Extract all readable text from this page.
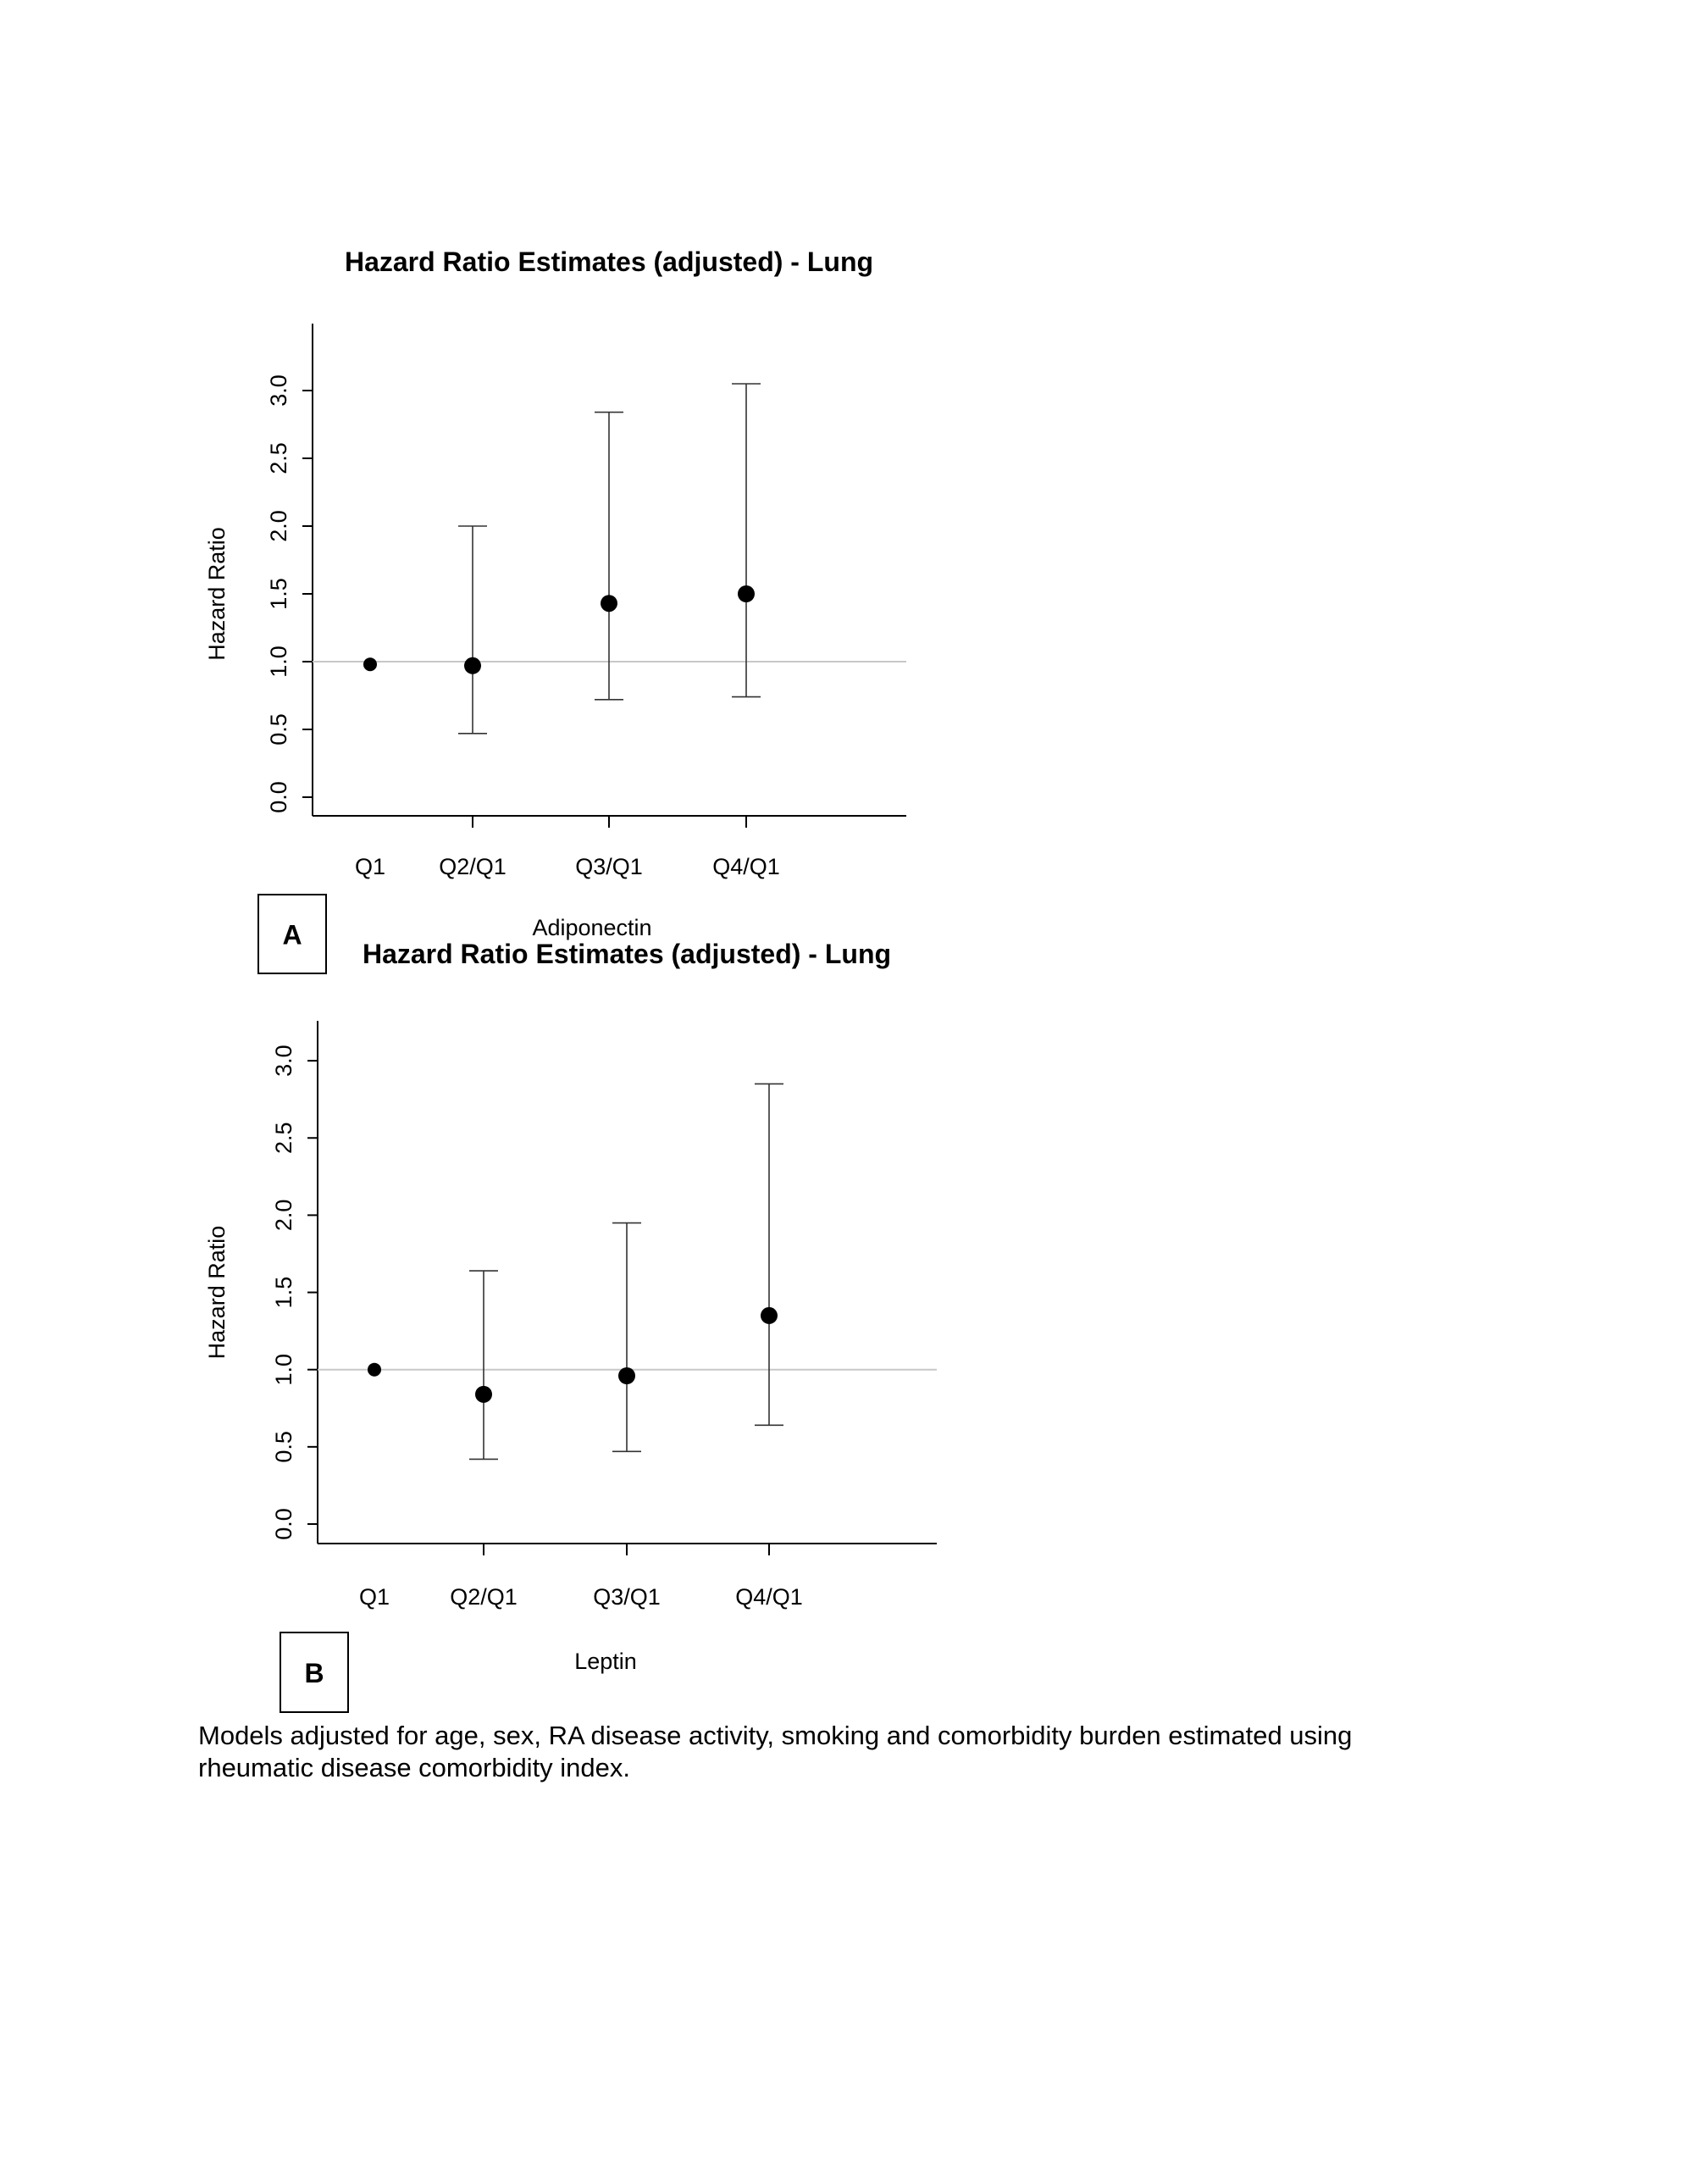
Hazard Ratio Estimates (adjusted) - Lung
0.0
0.5
1.0
1.5
2.0
2.5
3.0
Hazard Ratio
Q1 Q2/Q1	Q3/Q1	Q4/Q1
Adiponectin
A
Hazard Ratio Estimates (adjusted) - Lung
0.0
0.5
1.0
1.5
2.0
2.5
3.0
Hazard Ratio
Q1	Q2/Q1	Q3/Q1	Q4/Q1
Leptin
B
Models adjusted for age, sex, RA disease activity, smoking and comorbidity burden estimated using rheumatic disease comorbidity index.
